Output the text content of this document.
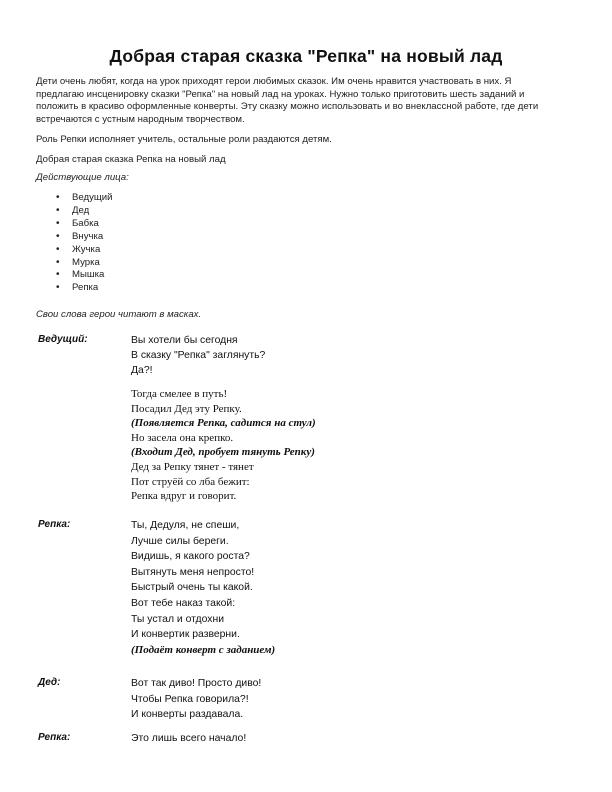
Добрая старая сказка "Репка" на новый лад
Дети очень любят, когда на урок приходят герои любимых сказок. Им очень нравится участвовать в них. Я
предлагаю инсценировку сказки "Репка" на новый лад на уроках. Нужно только приготовить шесть заданий и
положить в красиво оформленные конверты. Эту сказку можно использовать и во внеклассной работе, где дети
встречаются с устным народным творчеством.
Роль Репки исполняет учитель, остальные роли раздаются детям.
Добрая старая сказка Репка на новый лад
Действующие лица:
• Ведущий
• Дед
• Бабка
• Внучка
• Жучка
• Мурка
• Мышка
• Репка
Свои слова герои читают в масках.
Ведущий:	Вы хотели бы сегодня
В сказку "Репка" заглянуть?
Да?!
Тогда смелее в путь!
Посадил Дед эту Репку.
(Появляется Репка, садится на стул)
Но засела она крепко.
(Входит Дед, пробует тянуть Репку)
Дед за Репку тянет - тянет
Пот струёй со лба бежит:
Репка вдруг и говорит.
Репка:	Ты, Дедуля, не спеши,
Лучше силы береги.
Видишь, я какого роста?
Вытянуть меня непросто!
Быстрый очень ты какой.
Вот тебе наказ такой:
Ты устал и отдохни
И конвертик разверни.
(Подаёт конверт с заданием)
Дед:	Вот так диво! Просто диво!
Чтобы Репка говорила?!
И конверты раздавала.
Репка:	Это лишь всего начало!
